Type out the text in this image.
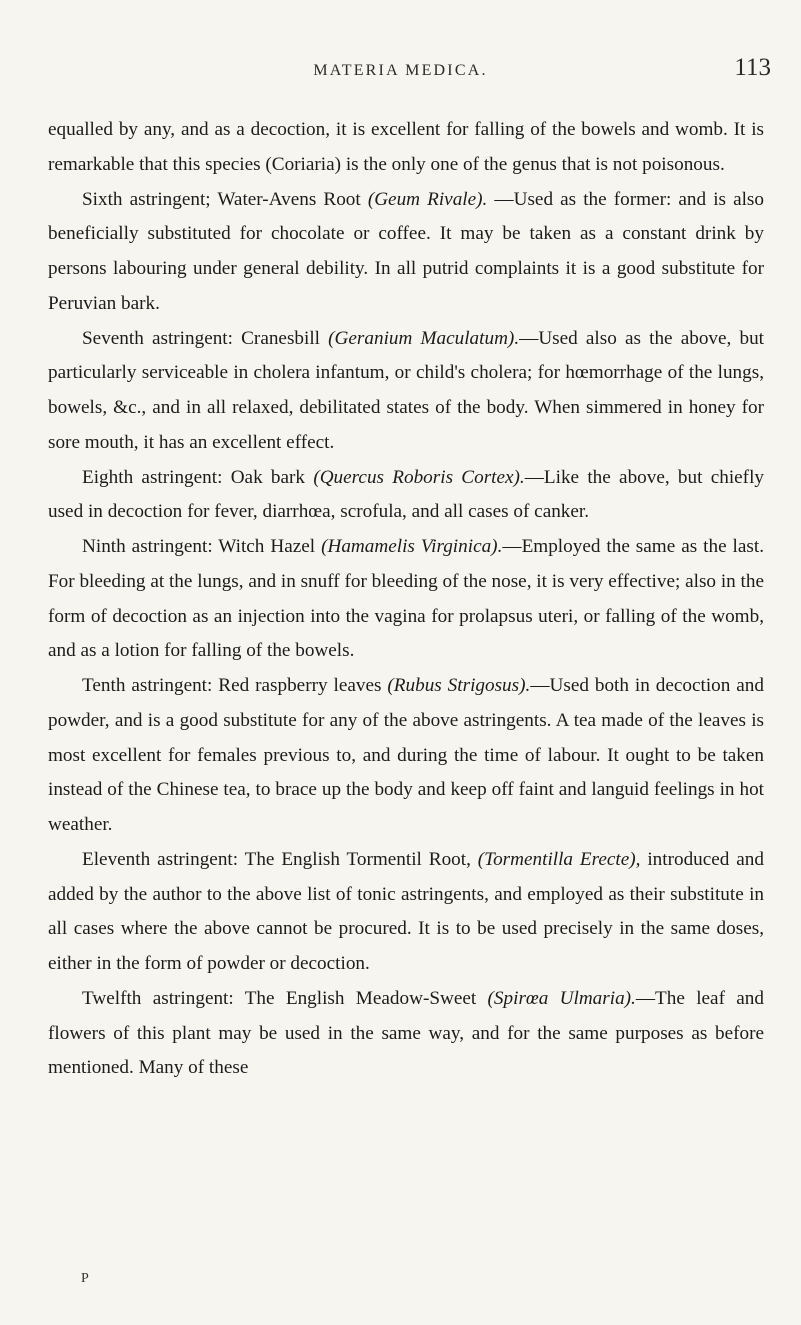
MATERIA MEDICA.	113

equalled by any, and as a decoction, it is excellent for falling of the bowels and womb. It is remarkable that this species (Coriaria) is the only one of the genus that is not poisonous.

Sixth astringent; Water-Avens Root (Geum Rivale). —Used as the former: and is also beneficially substituted for chocolate or coffee. It may be taken as a constant drink by persons labouring under general debility. In all putrid complaints it is a good substitute for Peruvian bark.

Seventh astringent: Cranesbill (Geranium Maculatum).—Used also as the above, but particularly serviceable in cholera infantum, or child's cholera; for hœmorrhage of the lungs, bowels, &c., and in all relaxed, debilitated states of the body. When simmered in honey for sore mouth, it has an excellent effect.

Eighth astringent: Oak bark (Quercus Roboris Cortex).—Like the above, but chiefly used in decoction for fever, diarrhœa, scrofula, and all cases of canker.

Ninth astringent: Witch Hazel (Hamamelis Virginica).—Employed the same as the last. For bleeding at the lungs, and in snuff for bleeding of the nose, it is very effective; also in the form of decoction as an injection into the vagina for prolapsus uteri, or falling of the womb, and as a lotion for falling of the bowels.

Tenth astringent: Red raspberry leaves (Rubus Strigosus).—Used both in decoction and powder, and is a good substitute for any of the above astringents. A tea made of the leaves is most excellent for females previous to, and during the time of labour. It ought to be taken instead of the Chinese tea, to brace up the body and keep off faint and languid feelings in hot weather.

Eleventh astringent: The English Tormentil Root, (Tormentilla Erecte), introduced and added by the author to the above list of tonic astringents, and employed as their substitute in all cases where the above cannot be procured. It is to be used precisely in the same doses, either in the form of powder or decoction.

Twelfth astringent: The English Meadow-Sweet (Spirœa Ulmaria).—The leaf and flowers of this plant may be used in the same way, and for the same purposes as before mentioned. Many of these

P
